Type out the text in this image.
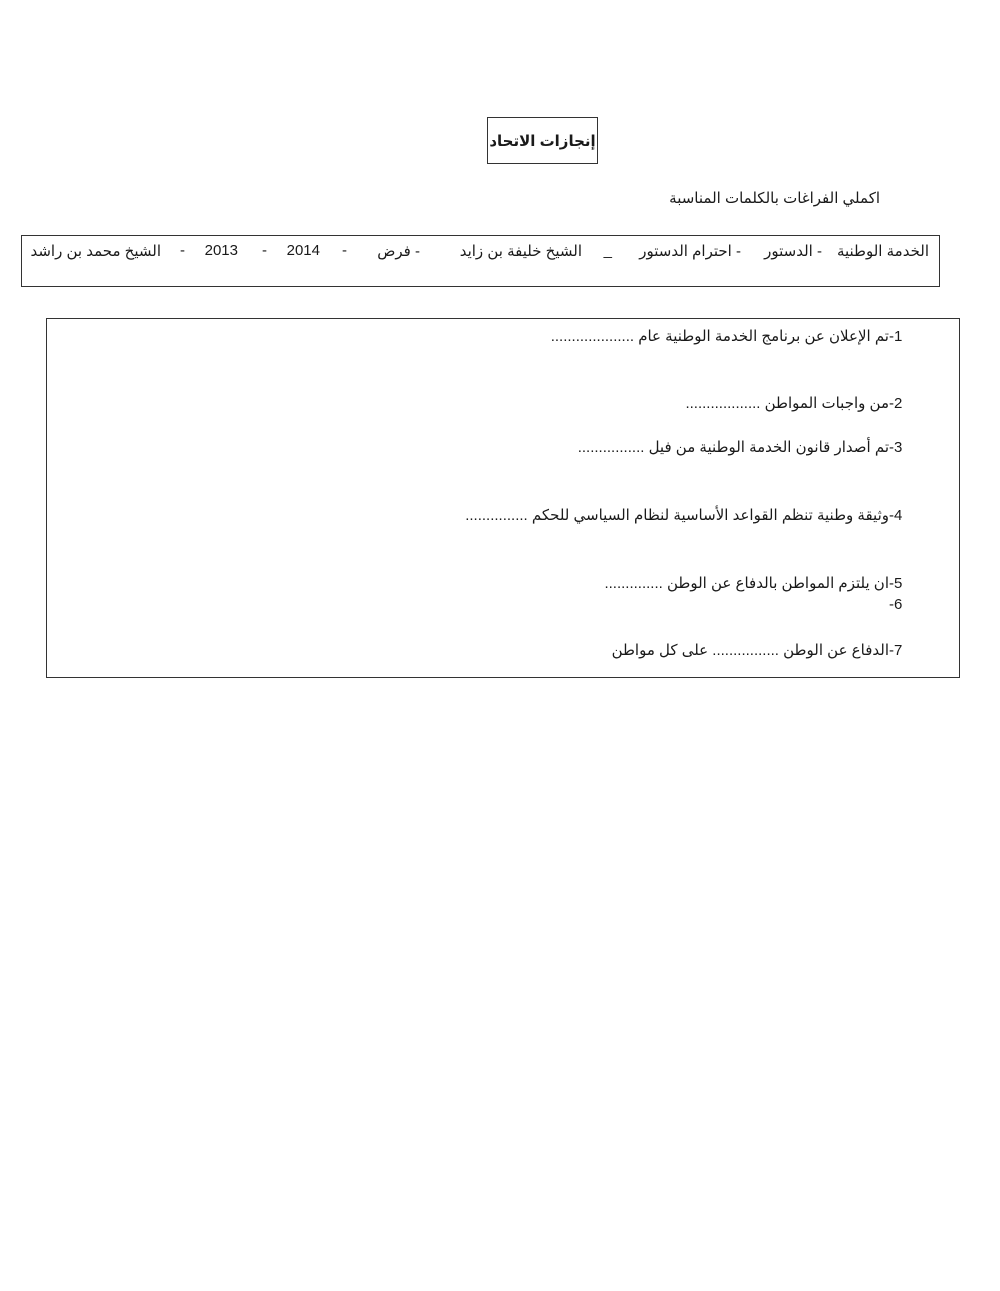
إنجازات الاتحاد
اكملي الفراغات بالكلمات المناسبة
الخدمة الوطنية
- الدستور
- احترام الدستور
_
الشيخ خليفة بن زايد
- فرض
-
2014
-
2013
-
الشيخ محمد بن راشد
-1
تم الإعلان عن برنامج الخدمة الوطنية عام ....................
-2
من واجبات المواطن ..................
-3
تم أصدار قانون الخدمة الوطنية من فيل ................
-4
وثيقة وطنية تنظم القواعد الأساسية لنظام السياسي للحكم ...............
-5
ان يلتزم المواطن بالدفاع عن الوطن ..............
-6
-7
الدفاع عن الوطن ................ على كل مواطن
